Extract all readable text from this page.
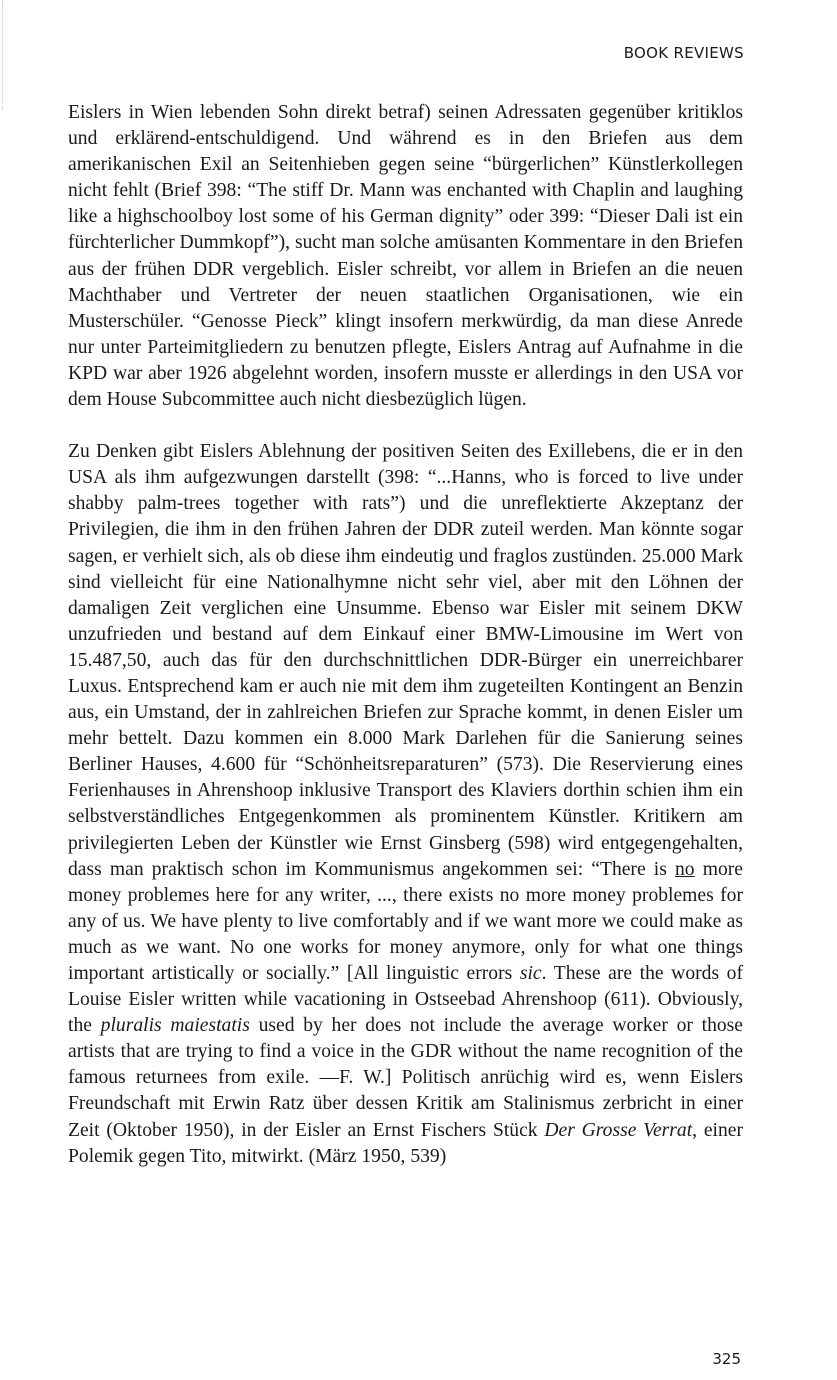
BOOK REVIEWS

Eislers in Wien lebenden Sohn direkt betraf) seinen Adressaten gegenüber kritiklos und erklärend-entschuldigend. Und während es in den Briefen aus dem amerikanischen Exil an Seitenhieben gegen seine “bürgerlichen” Künstlerkollegen nicht fehlt (Brief 398: “The stiff Dr. Mann was enchanted with Chaplin and laughing like a highschoolboy lost some of his German dignity” oder 399: “Dieser Dali ist ein fürchterlicher Dummkopf”), sucht man solche amüsanten Kommentare in den Briefen aus der frühen DDR vergeblich. Eisler schreibt, vor allem in Briefen an die neuen Machthaber und Vertreter der neuen staatlichen Organisationen, wie ein Musterschüler. “Genosse Pieck” klingt insofern merkwürdig, da man diese Anrede nur unter Parteimitgliedern zu benutzen pflegte, Eislers Antrag auf Aufnahme in die KPD war aber 1926 abgelehnt worden, insofern musste er allerdings in den USA vor dem House Subcommittee auch nicht diesbezüglich lügen.

Zu Denken gibt Eislers Ablehnung der positiven Seiten des Exillebens, die er in den USA als ihm aufgezwungen darstellt (398: “...Hanns, who is forced to live under shabby palm-trees together with rats”) und die unreflektierte Akzeptanz der Privilegien, die ihm in den frühen Jahren der DDR zuteil werden. Man könnte sogar sagen, er verhielt sich, als ob diese ihm eindeutig und fraglos zustünden. 25.000 Mark sind vielleicht für eine Nationalhymne nicht sehr viel, aber mit den Löhnen der damaligen Zeit verglichen eine Unsumme. Ebenso war Eisler mit seinem DKW unzufrieden und bestand auf dem Einkauf einer BMW-Limousine im Wert von 15.487,50, auch das für den durchschnittlichen DDR-Bürger ein unerreichbarer Luxus. Entsprechend kam er auch nie mit dem ihm zugeteilten Kontingent an Benzin aus, ein Umstand, der in zahlreichen Briefen zur Sprache kommt, in denen Eisler um mehr bettelt. Dazu kommen ein 8.000 Mark Darlehen für die Sanierung seines Berliner Hauses, 4.600 für “Schönheitsreparaturen” (573). Die Reservierung eines Ferienhauses in Ahrenshoop inklusive Transport des Klaviers dorthin schien ihm ein selbstverständliches Entgegenkommen als prominentem Künstler. Kritikern am privilegierten Leben der Künstler wie Ernst Ginsberg (598) wird entgegengehalten, dass man praktisch schon im Kommunismus angekommen sei: “There is no more money problemes here for any writer, ..., there exists no more money problemes for any of us. We have plenty to live comfortably and if we want more we could make as much as we want. No one works for money anymore, only for what one things important artistically or socially.” [All linguistic errors sic. These are the words of Louise Eisler written while vacationing in Ostseebad Ahrenshoop (611). Obviously, the pluralis maiestatis used by her does not include the average worker or those artists that are trying to find a voice in the GDR without the name recognition of the famous returnees from exile. —F. W.] Politisch anrüchig wird es, wenn Eislers Freundschaft mit Erwin Ratz über dessen Kritik am Stalinismus zerbricht in einer Zeit (Oktober 1950), in der Eisler an Ernst Fischers Stück Der Grosse Verrat, einer Polemik gegen Tito, mitwirkt. (März 1950, 539)

325
